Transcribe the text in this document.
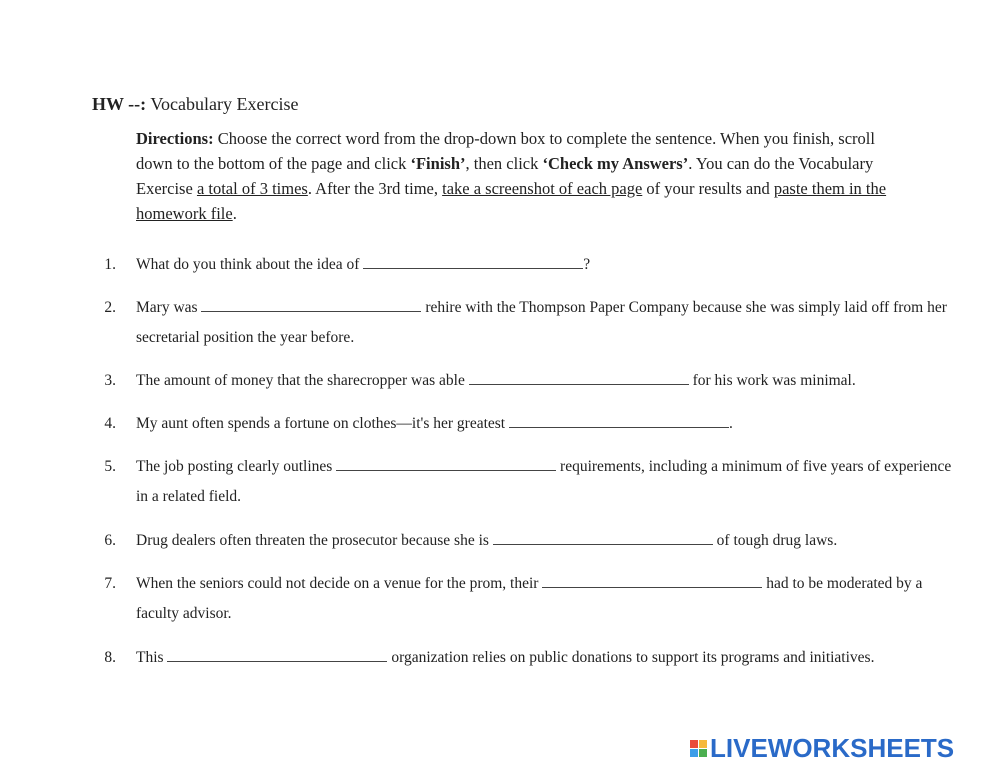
HW --: Vocabulary Exercise
Directions: Choose the correct word from the drop-down box to complete the sentence. When you finish, scroll down to the bottom of the page and click ‘Finish’, then click ‘Check my Answers’. You can do the Vocabulary Exercise a total of 3 times. After the 3rd time, take a screenshot of each page of your results and paste them in the homework file.
1. What do you think about the idea of	?
2. Mary was	rehire with the Thompson Paper Company because she was simply laid off from her secretarial position the year before.
3. The amount of money that the sharecropper was able	for his work was minimal.
4. My aunt often spends a fortune on clothes—it's her greatest	.
5. The job posting clearly outlines	requirements, including a minimum of five years of experience in a related field.
6. Drug dealers often threaten the prosecutor because she is	of tough drug laws.
7. When the seniors could not decide on a venue for the prom, their	had to be moderated by a faculty advisor.
8. This	organization relies on public donations to support its programs and initiatives.
LIVEWORKSHEETS
